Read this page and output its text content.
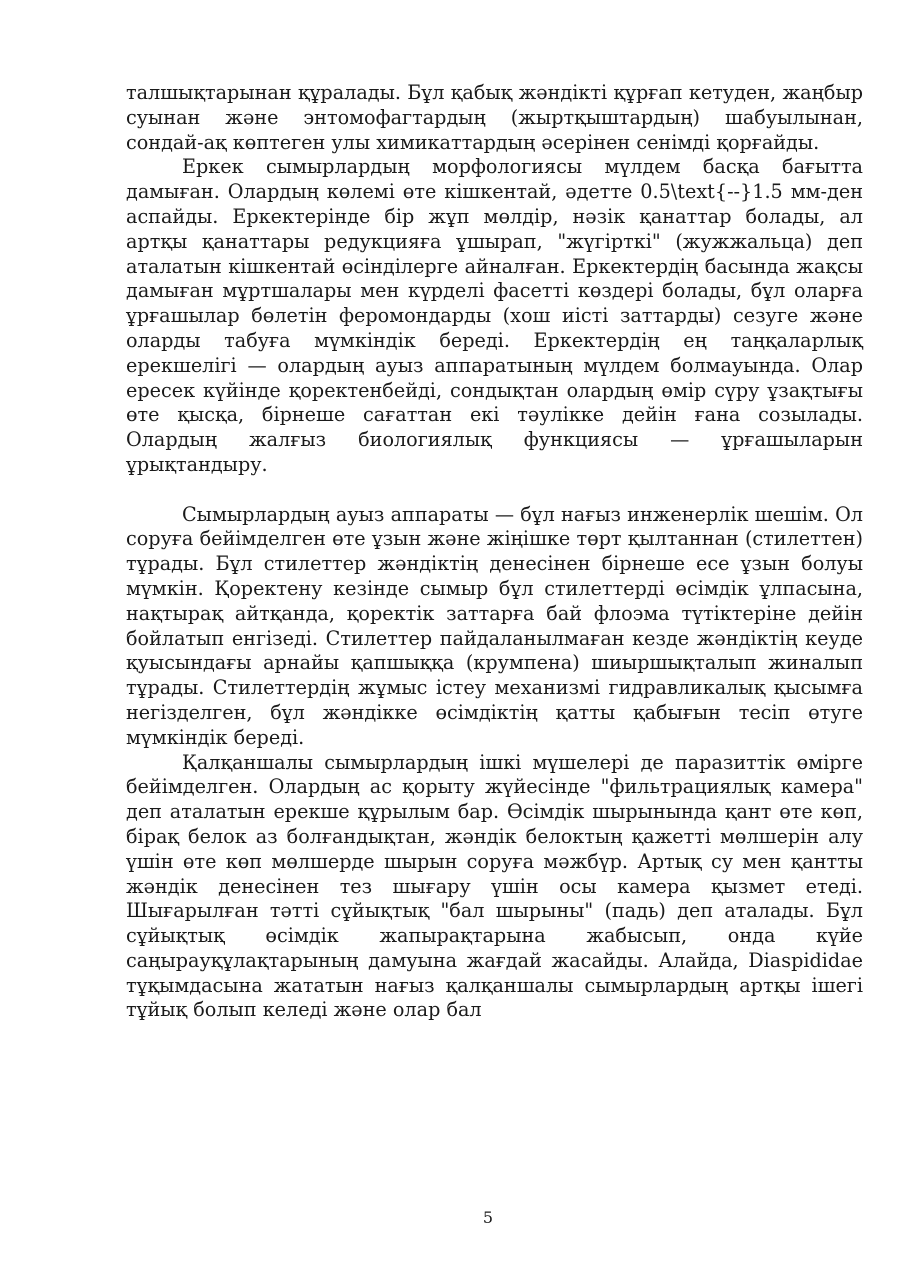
талшықтарынан құралады. Бұл қабық жәндікті құрғап кетуден, жаңбыр суынан және энтомофагтардың (жыртқыштардың) шабуылынан, сондай-ақ көптеген улы химикаттардың әсерінен сенімді қорғайды.

Еркек сымырлардың морфологиясы мүлдем басқа бағытта дамыған. Олардың көлемі өте кішкентай, әдетте 0.5\text{--}1.5 мм-ден аспайды. Еркектерінде бір жұп мөлдір, нәзік қанаттар болады, ал артқы қанаттары редукцияға ұшырап, "жүгірткі" (жужжальца) деп аталатын кішкентай өсінділерге айналған. Еркектердің басында жақсы дамыған мұртшалары мен күрделі фасетті көздері болады, бұл оларға ұрғашылар бөлетін феромондарды (хош иісті заттарды) сезуге және оларды табуға мүмкіндік береді. Еркектердің ең таңқаларлық ерекшелігі — олардың ауыз аппаратының мүлдем болмауында. Олар ересек күйінде қоректенбейді, сондықтан олардың өмір сүру ұзақтығы өте қысқа, бірнеше сағаттан екі тәулікке дейін ғана созылады. Олардың жалғыз биологиялық функциясы — ұрғашыларын ұрықтандыру.

Сымырлардың ауыз аппараты — бұл нағыз инженерлік шешім. Ол соруға бейімделген өте ұзын және жіңішке төрт қылтаннан (стилеттен) тұрады. Бұл стилеттер жәндіктің денесінен бірнеше есе ұзын болуы мүмкін. Қоректену кезінде сымыр бұл стилеттерді өсімдік ұлпасына, нақтырақ айтқанда, қоректік заттарға бай флоэма түтіктеріне дейін бойлатып енгізеді. Стилеттер пайдаланылмаған кезде жәндіктің кеуде қуысындағы арнайы қапшыққа (крумпена) шиыршықталып жиналып тұрады. Стилеттердің жұмыс істеу механизмі гидравликалық қысымға негізделген, бұл жәндікке өсімдіктің қатты қабығын тесіп өтуге мүмкіндік береді.

Қалқаншалы сымырлардың ішкі мүшелері де паразиттік өмірге бейімделген. Олардың ас қорыту жүйесінде "фильтрациялық камера" деп аталатын ерекше құрылым бар. Өсімдік шырынында қант өте көп, бірақ белок аз болғандықтан, жәндік белоктың қажетті мөлшерін алу үшін өте көп мөлшерде шырын соруға мәжбүр. Артық су мен қантты жәндік денесінен тез шығару үшін осы камера қызмет етеді. Шығарылған тәтті сұйықтық "бал шырыны" (падь) деп аталады. Бұл сұйықтық өсімдік жапырақтарына жабысып, онда күйе саңырауқұлақтарының дамуына жағдай жасайды. Алайда, Diaspididae тұқымдасына жататын нағыз қалқаншалы сымырлардың артқы ішегі тұйық болып келеді және олар бал

5
